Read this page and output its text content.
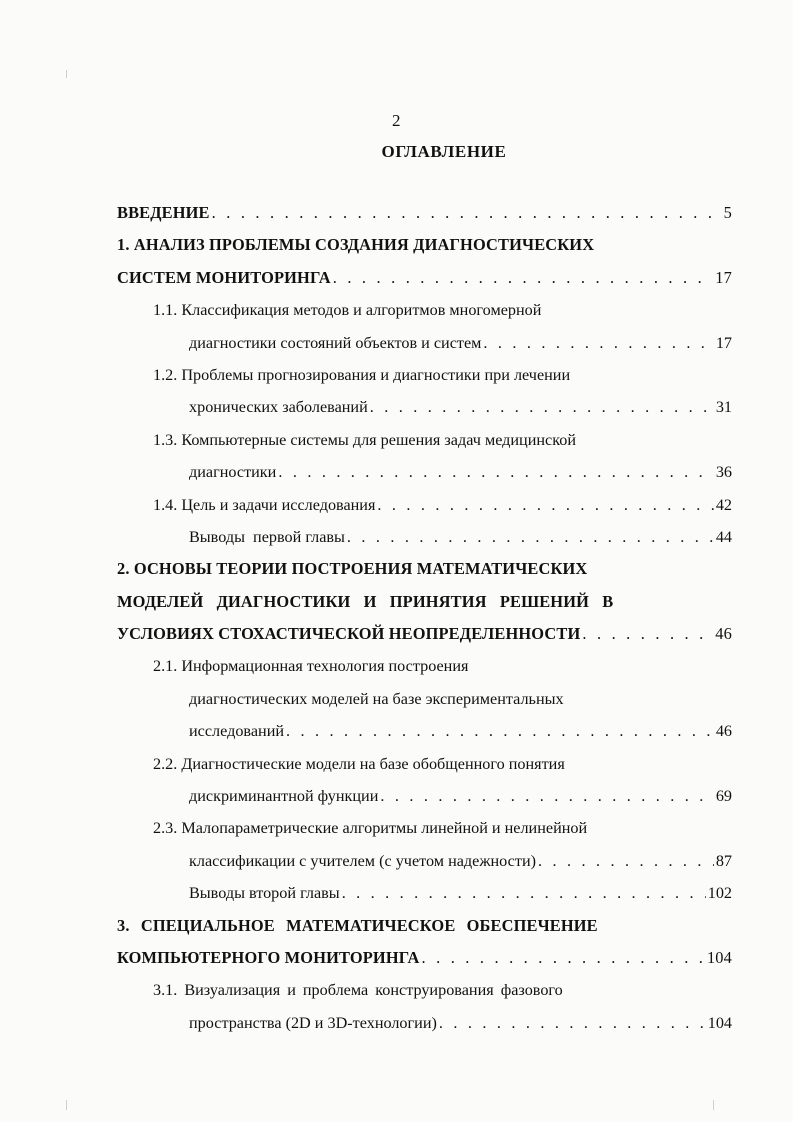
2
ОГЛАВЛЕНИЕ
ВВЕДЕНИЕ . . .	5
1. АНАЛИЗ ПРОБЛЕМЫ СОЗДАНИЯ ДИАГНОСТИЧЕСКИХ
СИСТЕМ МОНИТОРИНГА . . .	17
1.1. Классификация методов и алгоритмов многомерной
диагностики состояний объектов и систем . . .	17
1.2. Проблемы прогнозирования и диагностики при лечении
хронических заболеваний . . .	31
1.3. Компьютерные системы для решения задач медицинской
диагностики . . .	36
1.4. Цель и задачи исследования . . .	42
Выводы  первой главы . . .	44
2. ОСНОВЫ ТЕОРИИ ПОСТРОЕНИЯ МАТЕМАТИЧЕСКИХ
МОДЕЛЕЙ ДИАГНОСТИКИ И ПРИНЯТИЯ РЕШЕНИЙ В
УСЛОВИЯХ СТОХАСТИЧЕСКОЙ НЕОПРЕДЕЛЕННОСТИ . . .	46
2.1. Информационная технология построения
диагностических моделей на базе экспериментальных
исследований . . .	46
2.2. Диагностические модели на базе обобщенного понятия
дискриминантной функции . . .	69
2.3. Малопараметрические алгоритмы линейной и нелинейной
классификации с учителем (с учетом надежности) . . .	87
Выводы второй главы . . .	102
3. СПЕЦИАЛЬНОЕ МАТЕМАТИЧЕСКОЕ ОБЕСПЕЧЕНИЕ
КОМПЬЮТЕРНОГО МОНИТОРИНГА . . .	104
3.1. Визуализация и проблема конструирования фазового
пространства (2D и 3D-технологии) . . .	104
